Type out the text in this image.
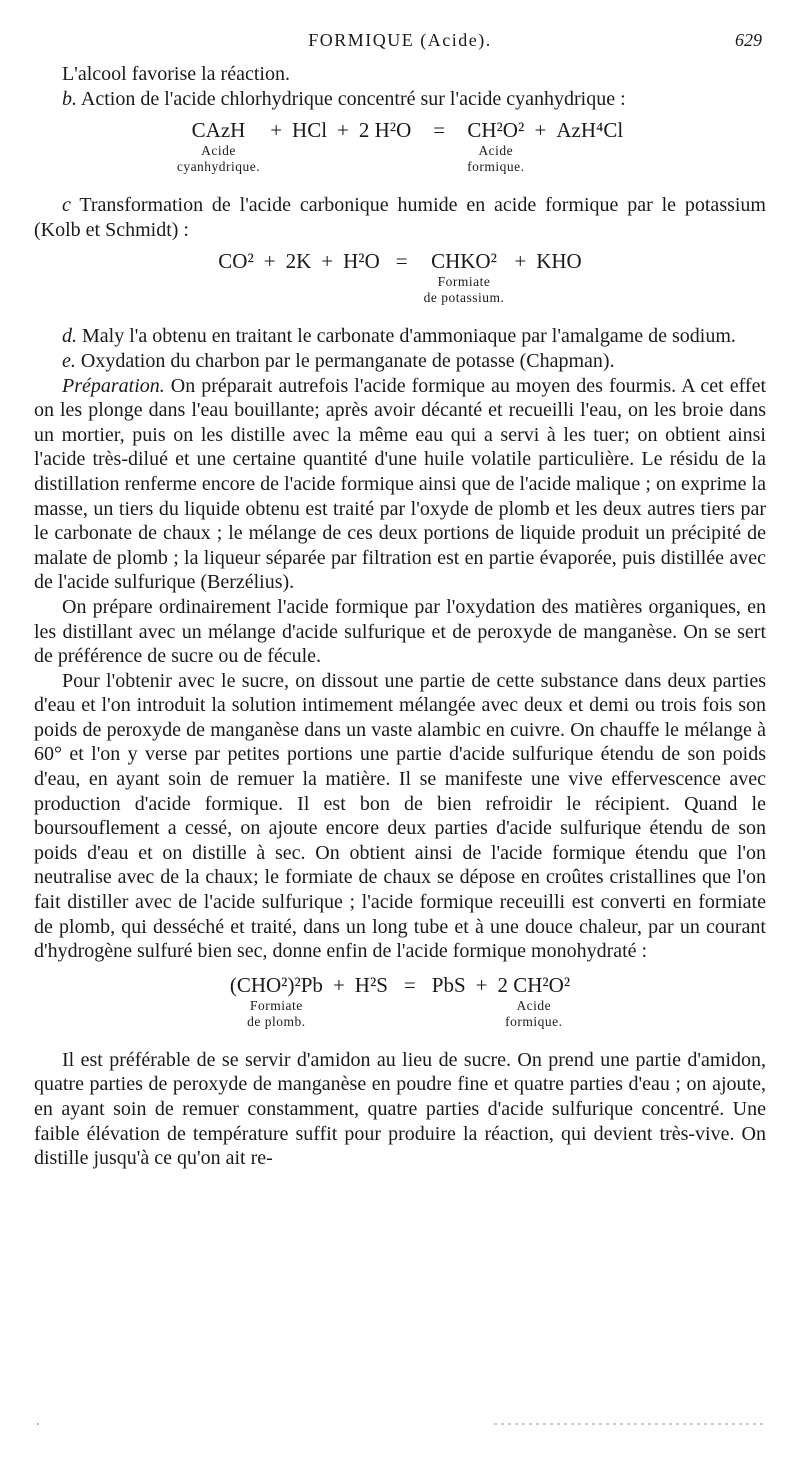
FORMIQUE (Acide).	629

L'alcool favorise la réaction.

b. Action de l'acide chlorhydrique concentré sur l'acide cyanhydrique :

CAzH
Acide
cyanhydrique.
+ HCl + 2 H²O	=	CH²O²
Acide
formique.
+ AzH⁴Cl

c Transformation de l'acide carbonique humide en acide formique par le potassium (Kolb et Schmidt) :

CO² + 2K + H²O =	CHKO²
Formiate
de potassium.
+ KHO

d. Maly l'a obtenu en traitant le carbonate d'ammoniaque par l'amalgame de sodium.

e. Oxydation du charbon par le permanganate de potasse (Chapman).

Préparation. On préparait autrefois l'acide formique au moyen des fourmis. A cet effet on les plonge dans l'eau bouillante; après avoir décanté et recueilli l'eau, on les broie dans un mortier, puis on les distille avec la même eau qui a servi à les tuer; on obtient ainsi l'acide très-dilué et une certaine quantité d'une huile volatile particulière. Le résidu de la distillation renferme encore de l'acide formique ainsi que de l'acide malique ; on exprime la masse, un tiers du liquide obtenu est traité par l'oxyde de plomb et les deux autres tiers par le carbonate de chaux ; le mélange de ces deux portions de liquide produit un précipité de malate de plomb ; la liqueur séparée par filtration est en partie évaporée, puis distillée avec de l'acide sulfurique (Berzélius).

On prépare ordinairement l'acide formique par l'oxydation des matières organiques, en les distillant avec un mélange d'acide sulfurique et de peroxyde de manganèse. On se sert de préférence de sucre ou de fécule.

Pour l'obtenir avec le sucre, on dissout une partie de cette substance dans deux parties d'eau et l'on introduit la solution intimement mélangée avec deux et demi ou trois fois son poids de peroxyde de manganèse dans un vaste alambic en cuivre. On chauffe le mélange à 60° et l'on y verse par petites portions une partie d'acide sulfurique étendu de son poids d'eau, en ayant soin de remuer la matière. Il se manifeste une vive effervescence avec production d'acide formique. Il est bon de bien refroidir le récipient. Quand le boursouflement a cessé, on ajoute encore deux parties d'acide sulfurique étendu de son poids d'eau et on distille à sec. On obtient ainsi de l'acide formique étendu que l'on neutralise avec de la chaux; le formiate de chaux se dépose en croûtes cristallines que l'on fait distiller avec de l'acide sulfurique ; l'acide formique receuilli est converti en formiate de plomb, qui desséché et traité, dans un long tube et à une douce chaleur, par un courant d'hydrogène sulfuré bien sec, donne enfin de l'acide formique monohydraté :

(CHO²)²Pb
Formiate
de plomb.
+ H²S = PbS + 2 CH²O²
Acide
formique.

Il est préférable de se servir d'amidon au lieu de sucre. On prend une partie d'amidon, quatre parties de peroxyde de manganèse en poudre fine et quatre parties d'eau ; on ajoute, en ayant soin de remuer constamment, quatre parties d'acide sulfurique concentré. Une faible élévation de température suffit pour produire la réaction, qui devient très-vive. On distille jusqu'à ce qu'on ait re-
